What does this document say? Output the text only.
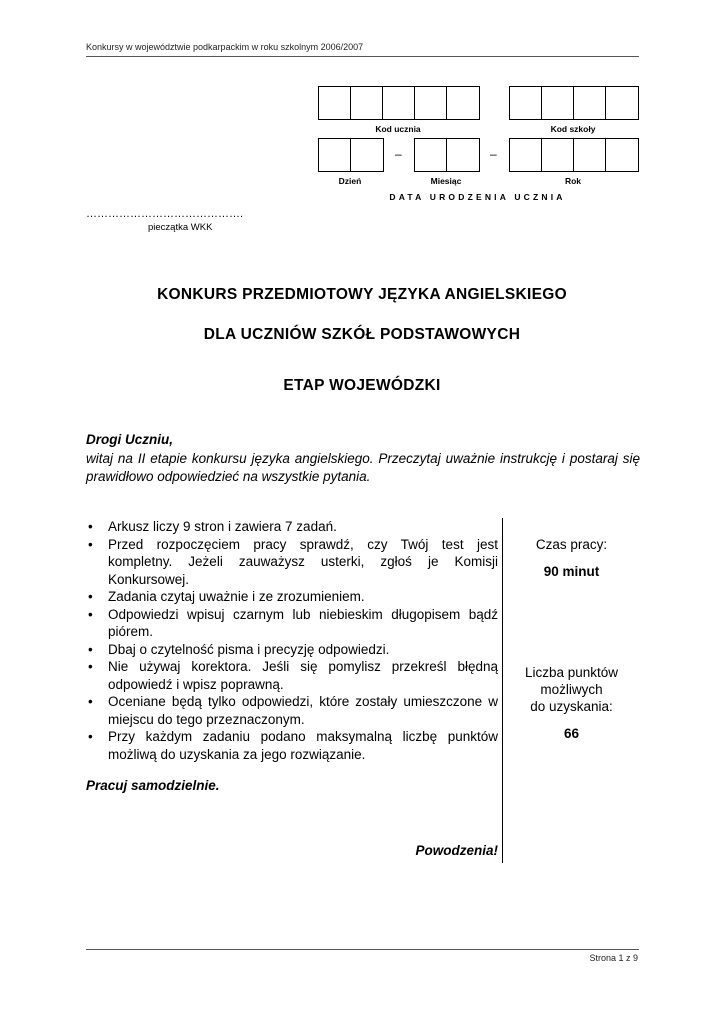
Konkursy w województwie podkarpackim w roku szkolnym 2006/2007
Kod ucznia	Kod szkoły
–	–
Dzień	Miesiąc	Rok
DATA URODZENIA UCZNIA
…………………………………….
pieczątka WKK
KONKURS PRZEDMIOTOWY JĘZYKA ANGIELSKIEGO
DLA UCZNIÓW SZKÓŁ PODSTAWOWYCH
ETAP WOJEWÓDZKI
Drogi Uczniu,
witaj na II etapie konkursu języka angielskiego. Przeczytaj uważnie instrukcję i postaraj się prawidłowo odpowiedzieć na wszystkie pytania.
• Arkusz liczy 9 stron i zawiera 7 zadań.
• Przed rozpoczęciem pracy sprawdź, czy Twój test jest kompletny. Jeżeli zauważysz usterki, zgłoś je Komisji Konkursowej.
• Zadania czytaj uważnie i ze zrozumieniem.
• Odpowiedzi wpisuj czarnym lub niebieskim długopisem bądź piórem.
• Dbaj o czytelność pisma i precyzję odpowiedzi.
• Nie używaj korektora. Jeśli się pomylisz przekreśl błędną odpowiedź i wpisz poprawną.
• Oceniane będą tylko odpowiedzi, które zostały umieszczone w miejscu do tego przeznaczonym.
• Przy każdym zadaniu podano maksymalną liczbę punktów możliwą do uzyskania za jego rozwiązanie.
Czas pracy:
90 minut
Liczba punktów
możliwych
do uzyskania:
66
Pracuj samodzielnie.
Powodzenia!
Strona 1 z 9
